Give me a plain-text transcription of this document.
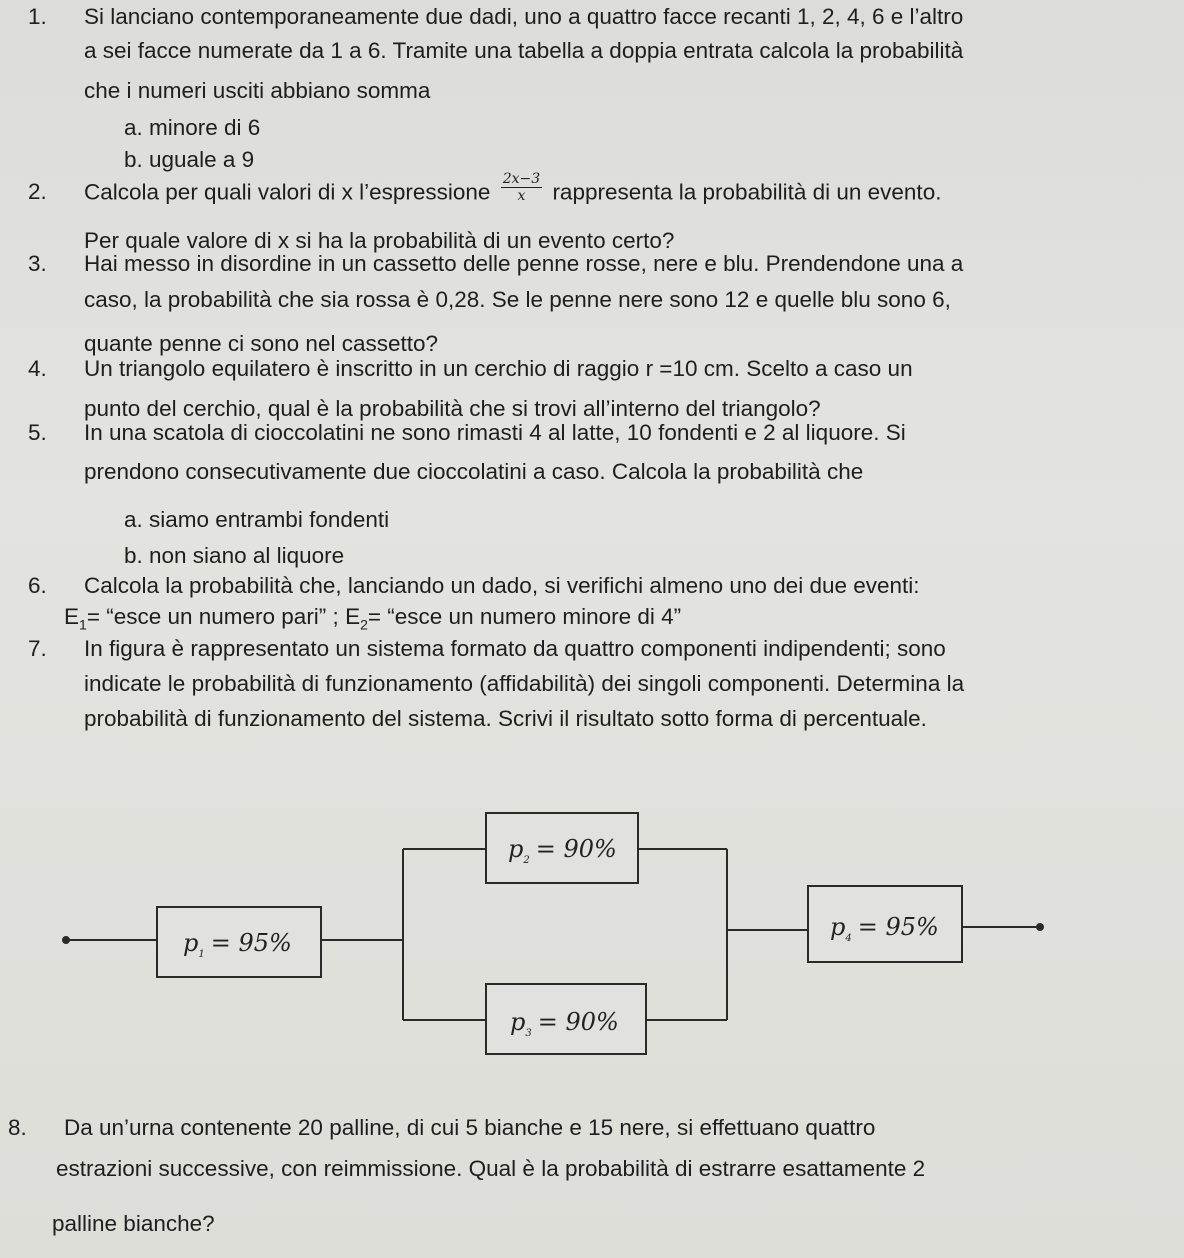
1. Si lanciano contemporaneamente due dadi, uno a quattro facce recanti 1, 2, 4, 6 e l’altro
a sei facce numerate da 1 a 6. Tramite una tabella a doppia entrata calcola la probabilità
che i numeri usciti abbiano somma
a. minore di 6
b. uguale a 9
2. Calcola per quali valori di x l’espressione $\frac{2x-3}{x}$ rappresenta la probabilità di un evento.
Per quale valore di x si ha la probabilità di un evento certo?
3. Hai messo in disordine in un cassetto delle penne rosse, nere e blu. Prendendone una a
caso, la probabilità che sia rossa è 0,28. Se le penne nere sono 12 e quelle blu sono 6,
quante penne ci sono nel cassetto?
4. Un triangolo equilatero è inscritto in un cerchio di raggio r =10 cm. Scelto a caso un
punto del cerchio, qual è la probabilità che si trovi all’interno del triangolo?
5. In una scatola di cioccolatini ne sono rimasti 4 al latte, 10 fondenti e 2 al liquore. Si
prendono consecutivamente due cioccolatini a caso. Calcola la probabilità che
a. siamo entrambi fondenti
b. non siano al liquore
6. Calcola la probabilità che, lanciando un dado, si verifichi almeno uno dei due eventi:
$E_1=$ “esce un numero pari” ; $E_2=$ “esce un numero minore di 4”
7. In figura è rappresentato un sistema formato da quattro componenti indipendenti; sono
indicate le probabilità di funzionamento (affidabilità) dei singoli componenti. Determina la
probabilità di funzionamento del sistema. Scrivi il risultato sotto forma di percentuale.
$p_1 = 95\%$
$p_2 = 90\%$
$p_3 = 90\%$
$p_4 = 95\%$
8. Da un’urna contenente 20 palline, di cui 5 bianche e 15 nere, si effettuano quattro
estrazioni successive, con reimmissione. Qual è la probabilità di estrarre esattamente 2
palline bianche?
